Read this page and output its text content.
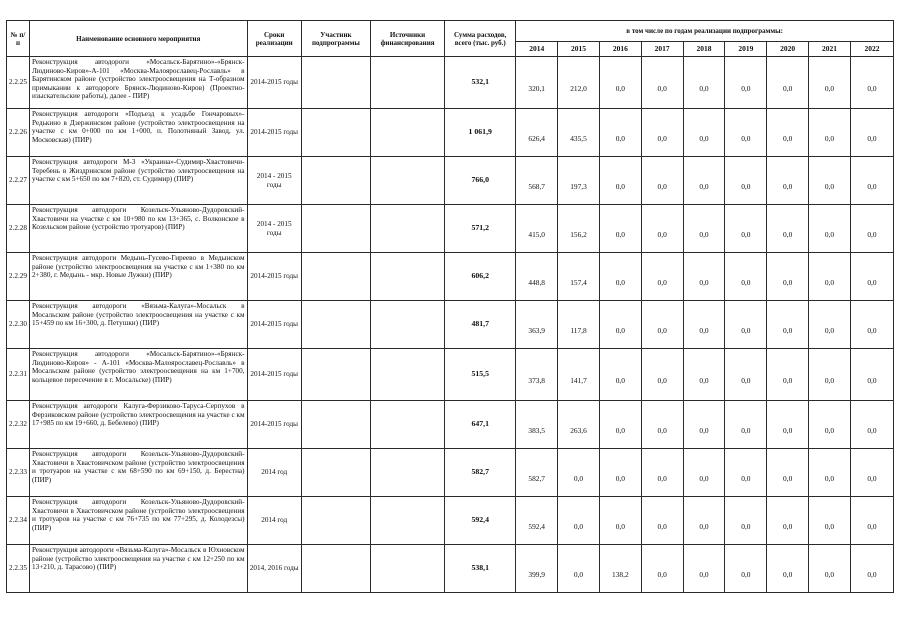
№ п/п	Наименование основного мероприятия	Сроки реализации	Участник подпрограммы	Источники финансирования	Сумма расходов, всего (тыс. руб.)	в том числе по годам реализации подпрограммы:								
						2014	2015	2016	2017	2018	2019	2020	2021	2022
2.2.25	Реконструкция автодороги «Мосальск-Барятино»-«Брянск-Людиново-Киров»-А-101 «Москва-Малоярославец-Рославль» в Барятинском районе (устройство электроосвещения на Т-образном примыкании к автодороге Брянск-Людиново-Киров) (Проектно-изыскательские работы), далее - ПИР)	2014-2015 годы			532,1	320,1	212,0	0,0	0,0	0,0	0,0	0,0	0,0	0,0
2.2.26	Реконструкция автодороги «Подъезд к усадьбе Гончаровых»-Редькино в Дзержинском районе (устройство электроосвещения на участке с км 0+000 по км 1+000, п. Полотняный Завод, ул. Московская) (ПИР)	2014-2015 годы			1 061,9	626,4	435,5	0,0	0,0	0,0	0,0	0,0	0,0	0,0
2.2.27	Реконструкция автодороги М-3 «Украина»-Судимир-Хвастовичи-Теребень в Жиздринском районе (устройство электроосвещения на участке с км 5+650 по км 7+820, ст. Судимир) (ПИР)	2014 - 2015 годы			766,0	568,7	197,3	0,0	0,0	0,0	0,0	0,0	0,0	0,0
2.2.28	Реконструкция автодороги Козельск-Ульяново-Дудоровский-Хвастовичи на участке с км 10+980 по км 13+365, с. Волконское в Козельском районе (устройство тротуаров) (ПИР)	2014 - 2015 годы			571,2	415,0	156,2	0,0	0,0	0,0	0,0	0,0	0,0	0,0
2.2.29	Реконструкция автодороги Медынь-Гусево-Гиреево в Медынском районе (устройство электроосвещения на участке с км 1+380 по км 2+380, г. Медынь - мкр. Новые Лужки) (ПИР)	2014-2015 годы			606,2	448,8	157,4	0,0	0,0	0,0	0,0	0,0	0,0	0,0
2.2.30	Реконструкция автодороги «Вязьма-Калуга»-Мосальск в Мосальском районе (устройство электроосвещения на участке с км 15+459 по км 16+300, д. Петушки) (ПИР)	2014-2015 годы			481,7	363,9	117,8	0,0	0,0	0,0	0,0	0,0	0,0	0,0
2.2.31	Реконструкция автодороги «Мосальск-Барятино»-«Брянск-Людиново-Киров» - А-101 «Москва-Малоярославец-Рославль» в Мосальском районе (устройство электроосвещения на км 1+700, кольцевое пересечение в г. Мосальске) (ПИР)	2014-2015 годы			515,5	373,8	141,7	0,0	0,0	0,0	0,0	0,0	0,0	0,0
2.2.32	Реконструкция автодороги Калуга-Ферзиково-Таруса-Серпухов в Ферзиковском районе (устройство электроосвещения на участке с км 17+985 по км 19+660, д. Бебелево) (ПИР)	2014-2015 годы			647,1	383,5	263,6	0,0	0,0	0,0	0,0	0,0	0,0	0,0
2.2.33	Реконструкция автодороги Козельск-Ульяново-Дудоровский-Хвастовичи в Хвастовичском районе (устройство электроосвещения и тротуаров на участке с км 68+590 по км 69+150, д. Берестна) (ПИР)	2014 год			582,7	582,7	0,0	0,0	0,0	0,0	0,0	0,0	0,0	0,0
2.2.34	Реконструкция автодороги Козельск-Ульяново-Дудоровский-Хвастовичи в Хвастовичском районе (устройство электроосвещения и тротуаров на участке с км 76+735 по км 77+295, д. Колодезсы) (ПИР)	2014 год			592,4	592,4	0,0	0,0	0,0	0,0	0,0	0,0	0,0	0,0
2.2.35	Реконструкция автодороги «Вязьма-Калуга»-Мосальск в Юхновском районе (устройство электроосвещения на участке с км 12+250 по км 13+210, д. Тарасово) (ПИР)	2014, 2016 годы			538,1	399,9	0,0	138,2	0,0	0,0	0,0	0,0	0,0	0,0
